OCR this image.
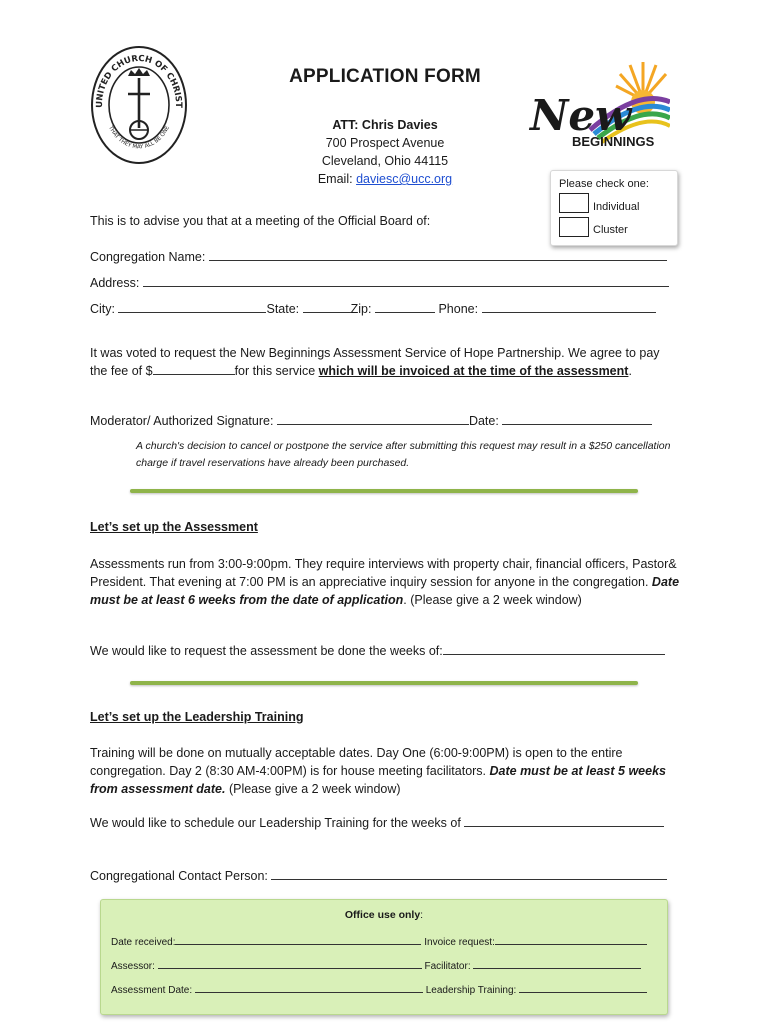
UNITED CHURCH OF CHRIST
THAT THEY MAY ALL BE ONE	New
BEGINNINGS
APPLICATION FORM
ATT: Chris Davies
700 Prospect Avenue
Cleveland, Ohio 44115
Email: daviesc@ucc.org	Please check one:
Individual
Cluster
This is to advise you that at a meeting of the Official Board of:
Congregation Name:
Address:
City:	State:	Zip:	Phone:
It was voted to request the New Beginnings Assessment Service of Hope Partnership. We agree to pay the fee of $	for this service which will be invoiced at the time of the assessment.
Moderator/ Authorized Signature:	Date:
A church's decision to cancel or postpone the service after submitting this request may result in a $250 cancellation charge if travel reservations have already been purchased.
Let’s set up the Assessment
Assessments run from 3:00-9:00pm. They require interviews with property chair, financial officers, Pastor& President. That evening at 7:00 PM is an appreciative inquiry session for anyone in the congregation. Date must be at least 6 weeks from the date of application. (Please give a 2 week window)
We would like to request the assessment be done the weeks of:
Let’s set up the Leadership Training
Training will be done on mutually acceptable dates. Day One (6:00-9:00PM) is open to the entire congregation. Day 2 (8:30 AM-4:00PM) is for house meeting facilitators. Date must be at least 5 weeks from assessment date. (Please give a 2 week window)
We would like to schedule our Leadership Training for the weeks of
Congregational Contact Person:
Office use only:
Date received:	Invoice request:
Assessor:	Facilitator:
Assessment Date:	Leadership Training:
